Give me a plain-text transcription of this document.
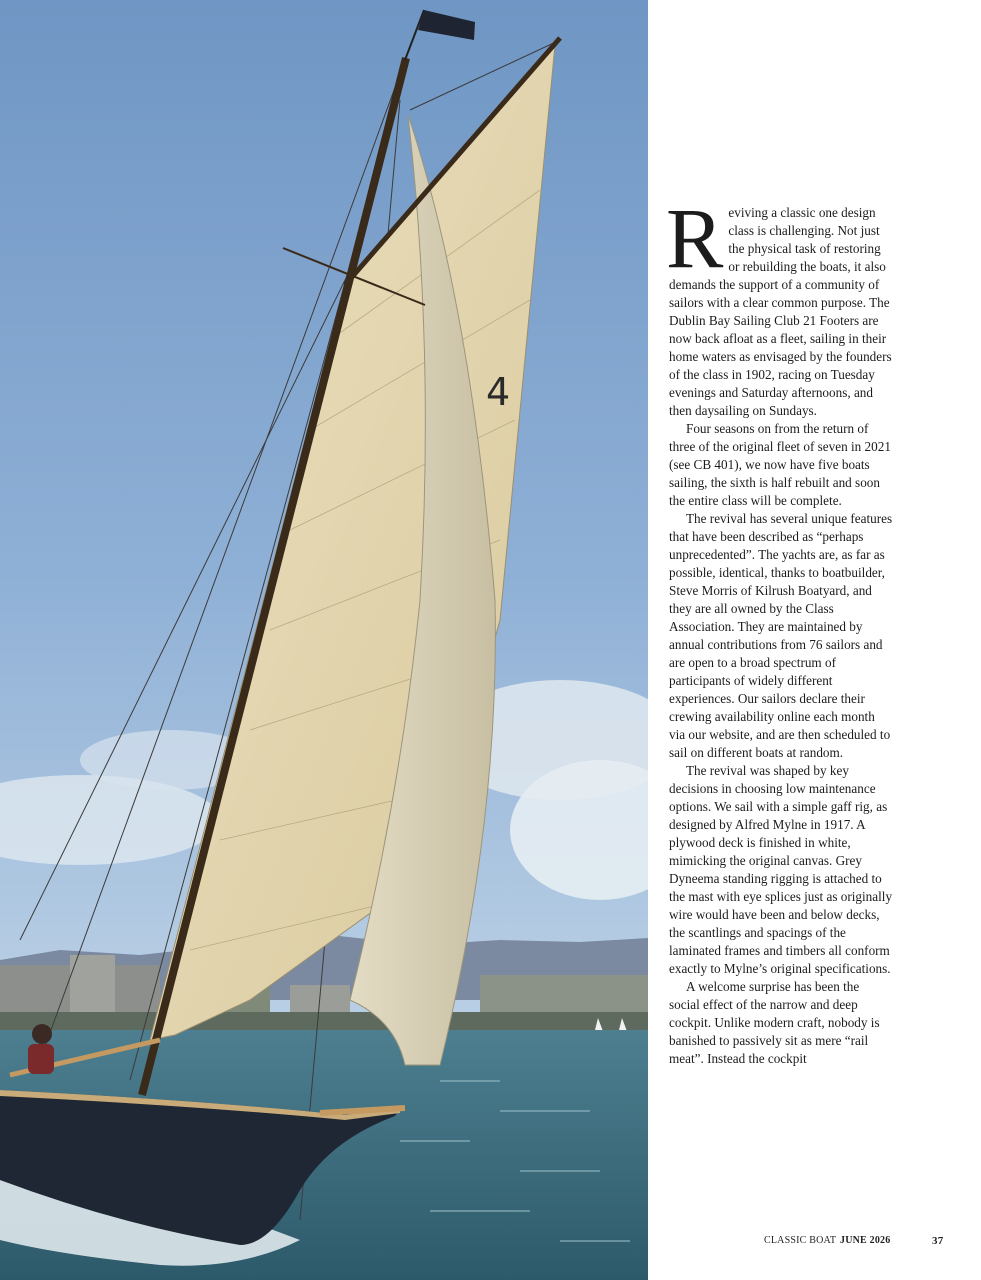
4

Reviving a classic one design class is challenging. Not just the physical task of restoring or rebuilding the boats, it also demands the support of a community of sailors with a clear common purpose. The Dublin Bay Sailing Club 21 Footers are now back afloat as a fleet, sailing in their home waters as envisaged by the founders of the class in 1902, racing on Tuesday evenings and Saturday afternoons, and then daysailing on Sundays.

Four seasons on from the return of three of the original fleet of seven in 2021 (see CB 401), we now have five boats sailing, the sixth is half rebuilt and soon the entire class will be complete.

The revival has several unique features that have been described as “perhaps unprecedented”. The yachts are, as far as possible, identical, thanks to boatbuilder, Steve Morris of Kilrush Boatyard, and they are all owned by the Class Association. They are maintained by annual contributions from 76 sailors and are open to a broad spectrum of participants of widely different experiences. Our sailors declare their crewing availability online each month via our website, and are then scheduled to sail on different boats at random.

The revival was shaped by key decisions in choosing low maintenance options. We sail with a simple gaff rig, as designed by Alfred Mylne in 1917. A plywood deck is finished in white, mimicking the original canvas. Grey Dyneema standing rigging is attached to the mast with eye splices just as originally wire would have been and below decks, the scantlings and spacings of the laminated frames and timbers all conform exactly to Mylne’s original specifications.

A welcome surprise has been the social effect of the narrow and deep cockpit. Unlike modern craft, nobody is banished to passively sit as mere “rail meat”. Instead the cockpit

CLASSIC BOAT JUNE 2026	37
